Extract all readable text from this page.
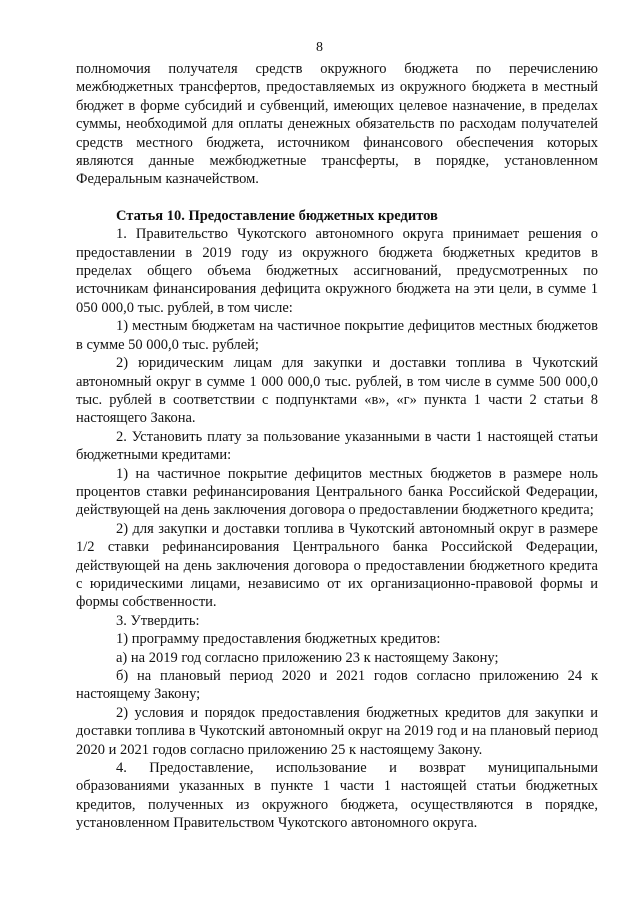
8

полномочия получателя средств окружного бюджета по перечислению межбюджетных трансфертов, предоставляемых из окружного бюджета в местный бюджет в форме субсидий и субвенций, имеющих целевое назначение, в пределах суммы, необходимой для оплаты денежных обязательств по расходам получателей средств местного бюджета, источником финансового обеспечения которых являются данные межбюджетные трансферты, в порядке, установленном Федеральным казначейством.

Статья 10. Предоставление бюджетных кредитов

1. Правительство Чукотского автономного округа принимает решения о предоставлении в 2019 году из окружного бюджета бюджетных кредитов в пределах общего объема бюджетных ассигнований, предусмотренных по источникам финансирования дефицита окружного бюджета на эти цели, в сумме 1 050 000,0 тыс. рублей, в том числе:

1) местным бюджетам на частичное покрытие дефицитов местных бюджетов в сумме 50 000,0 тыс. рублей;

2) юридическим лицам для закупки и доставки топлива в Чукотский автономный округ в сумме 1 000 000,0 тыс. рублей, в том числе в сумме 500 000,0 тыс. рублей в соответствии с подпунктами «в», «г» пункта 1 части 2 статьи 8 настоящего Закона.

2. Установить плату за пользование указанными в части 1 настоящей статьи бюджетными кредитами:

1) на частичное покрытие дефицитов местных бюджетов в размере ноль процентов ставки рефинансирования Центрального банка Российской Федерации, действующей на день заключения договора о предоставлении бюджетного кредита;

2) для закупки и доставки топлива в Чукотский автономный округ в размере 1/2 ставки рефинансирования Центрального банка Российской Федерации, действующей на день заключения договора о предоставлении бюджетного кредита с юридическими лицами, независимо от их организационно-правовой формы и формы собственности.

3. Утвердить:

1) программу предоставления бюджетных кредитов:

а) на 2019 год согласно приложению 23 к настоящему Закону;

б) на плановый период 2020 и 2021 годов согласно приложению 24 к настоящему Закону;

2) условия и порядок предоставления бюджетных кредитов для закупки и доставки топлива в Чукотский автономный округ на 2019 год и на плановый период 2020 и 2021 годов согласно приложению 25 к настоящему Закону.

4. Предоставление, использование и возврат муниципальными образованиями указанных в пункте 1 части 1 настоящей статьи бюджетных кредитов, полученных из окружного бюджета, осуществляются в порядке, установленном Правительством Чукотского автономного округа.
